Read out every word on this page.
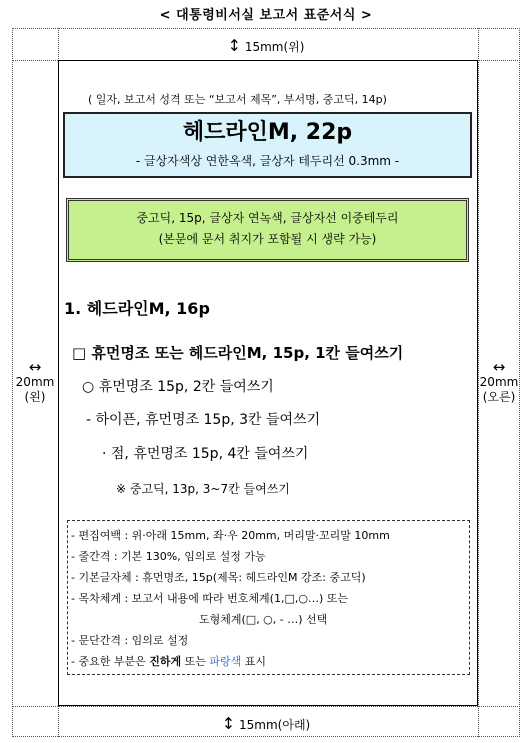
< 대통령비서실 보고서 표준서식 >
↕ 15mm(위)
↕ 15mm(아래)
↔
20mm
(왼)
↔
20mm
(오른)
( 일자, 보고서 성격 또는 “보고서 제목”, 부서명, 중고딕, 14p)
헤드라인M, 22p
- 글상자색상 연한옥색, 글상자 테두리선 0.3mm -
중고딕, 15p, 글상자 연녹색, 글상자선 이중테두리
(본문에 문서 취지가 포함될 시 생략 가능)
1. 헤드라인M, 16p
□ 휴먼명조 또는 헤드라인M, 15p, 1칸 들여쓰기
○ 휴먼명조 15p, 2칸 들여쓰기
- 하이픈, 휴먼명조 15p, 3칸 들여쓰기
· 점, 휴먼명조 15p, 4칸 들여쓰기
※ 중고딕, 13p, 3~7칸 들여쓰기
- 편집여백 : 위·아래 15mm, 좌·우 20mm, 머리말·꼬리말 10mm
- 줄간격 : 기본 130%, 임의로 설정 가능
- 기본글자체 : 휴먼명조, 15p(제목: 헤드라인M 강조: 중고딕)
- 목차체계 : 보고서 내용에 따라 번호체계(1,□,○…) 또는
도형체계(□, ○, - …) 선택
- 문단간격 : 임의로 설정
- 중요한 부분은 진하게 또는 파랑색 표시
